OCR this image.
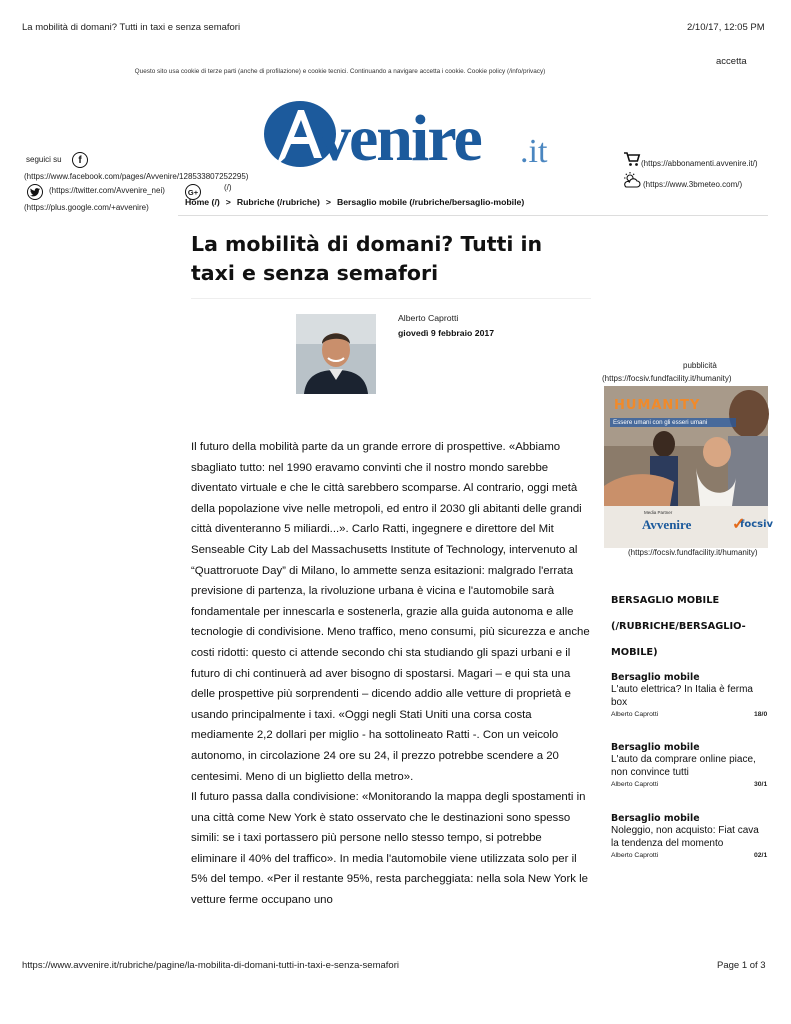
La mobilità di domani? Tutti in taxi e senza semafori	2/10/17, 12:05 PM
Questo sito usa cookie di terze parti (anche di profilazione) e cookie tecnici. Continuando a navigare accetta i cookie. Cookie policy (/info/privacy)
accetta
venire .it
(/)
seguici su f
(https://www.facebook.com/pages/Avvenire/128533807252295)
(https://twitter.com/Avvenire_nei)	G+
(https://plus.google.com/+avvenire)
(https://abbonamenti.avvenire.it/)
(https://www.3bmeteo.com/)
Home (/) > Rubriche (/rubriche) > Bersaglio mobile (/rubriche/bersaglio-mobile)
La mobilità di domani? Tutti in taxi e senza semafori
Alberto Caprotti
giovedì 9 febbraio 2017

Il futuro della mobilità parte da un grande errore di prospettive. «Abbiamo sbagliato tutto: nel 1990 eravamo convinti che il nostro mondo sarebbe diventato virtuale e che le città sarebbero scomparse. Al contrario, oggi metà della popolazione vive nelle metropoli, ed entro il 2030 gli abitanti delle grandi città diventeranno 5 miliardi...». Carlo Ratti, ingegnere e direttore del Mit Senseable City Lab del Massachusetts Institute of Technology, intervenuto al “Quattroruote Day” di Milano, lo ammette senza esitazioni: malgrado l'errata previsione di partenza, la rivoluzione urbana è vicina e l'automobile sarà fondamentale per innescarla e sostenerla, grazie alla guida autonoma e alle tecnologie di condivisione. Meno traffico, meno consumi, più sicurezza e anche costi ridotti: questo ci attende secondo chi sta studiando gli spazi urbani e il futuro di chi continuerà ad aver bisogno di spostarsi. Magari – e qui sta una delle prospettive più sorprendenti – dicendo addio alle vetture di proprietà e usando principalmente i taxi. «Oggi negli Stati Uniti una corsa costa mediamente 2,2 dollari per miglio - ha sottolineato Ratti -. Con un veicolo autonomo, in circolazione 24 ore su 24, il prezzo potrebbe scendere a 20 centesimi. Meno di un biglietto della metro».

Il futuro passa dalla condivisione: «Monitorando la mappa degli spostamenti in una città come New York è stato osservato che le destinazioni sono spesso simili: se i taxi portassero più persone nello stesso tempo, si potrebbe eliminare il 40% del traffico». In media l'automobile viene utilizzata solo per il 5% del tempo. «Per il restante 95%, resta parcheggiata: nella sola New York le vetture ferme occupano uno

pubblicità
(https://focsiv.fundfacility.it/humanity)
HUMANITY
Essere umani con gli esseri umani
Media Partner
Avvenire	focsiv
✓
(https://focsiv.fundfacility.it/humanity)
BERSAGLIO MOBILE
(/RUBRICHE/BERSAGLIO-
MOBILE)
Bersaglio mobile
L'auto elettrica? In Italia è ferma
box
Alberto Caprotti	18/0
Bersaglio mobile
L'auto da comprare online piace,
non convince tutti
Alberto Caprotti	30/1
Bersaglio mobile
Noleggio, non acquisto: Fiat cava
la tendenza del momento
Alberto Caprotti	02/1
https://www.avvenire.it/rubriche/pagine/la-mobilita-di-domani-tutti-in-taxi-e-senza-semafori	Page 1 of 3
